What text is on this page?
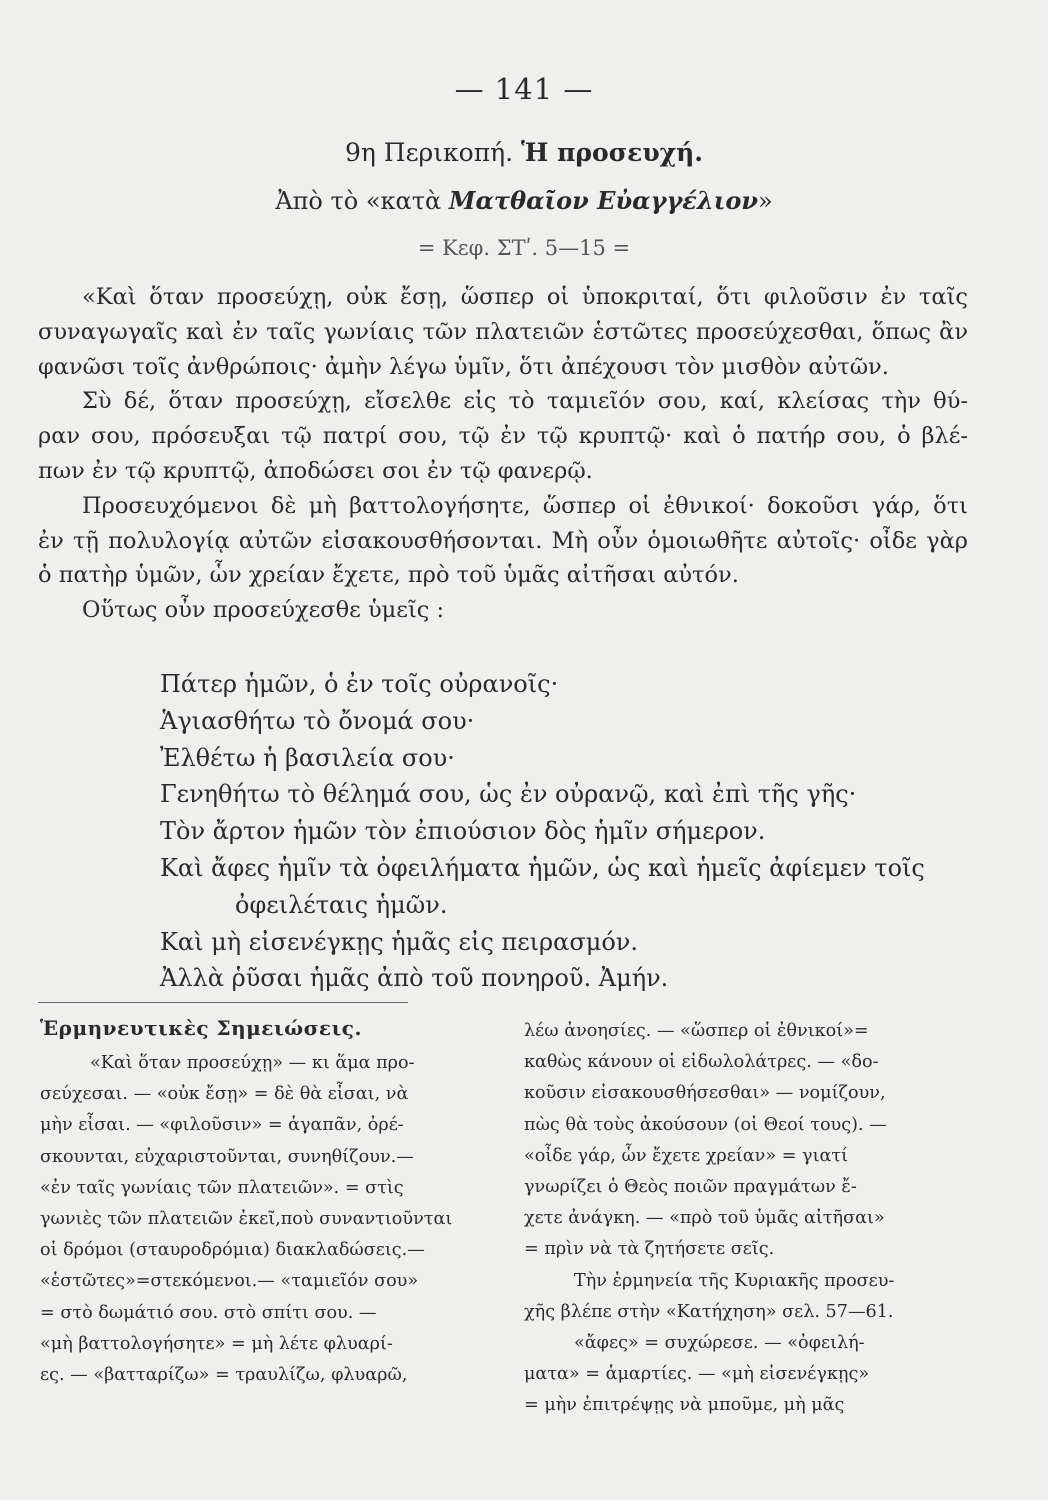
— 141 —
9η Περικοπή. Ἡ προσευχή.
Ἀπὸ τὸ «κατὰ Ματθαῖον Εὐαγγέλιον»
= Κεφ. ΣΤʹ. 5—15 =

«Καὶ ὅταν προσεύχῃ, οὐκ ἔσῃ, ὥσπερ οἱ ὑποκριταί, ὅτι φιλοῦσιν ἐν ταῖς

συναγωγαῖς καὶ ἐν ταῖς γωνίαις τῶν πλατειῶν ἑστῶτες προσεύχεσθαι, ὅπως ἂν

φανῶσι τοῖς ἀνθρώποις· ἀμὴν λέγω ὑμῖν, ὅτι ἀπέχουσι τὸν μισθὸν αὐτῶν.

Σὺ δέ, ὅταν προσεύχῃ, εἴσελθε εἰς τὸ ταμιεῖόν σου, καί, κλείσας τὴν θύ-

ραν σου, πρόσευξαι τῷ πατρί σου, τῷ ἐν τῷ κρυπτῷ· καὶ ὁ πατήρ σου, ὁ βλέ-

πων ἐν τῷ κρυπτῷ, ἀποδώσει σοι ἐν τῷ φανερῷ.

Προσευχόμενοι δὲ μὴ βαττολογήσητε, ὥσπερ οἱ ἐθνικοί· δοκοῦσι γάρ, ὅτι

ἐν τῇ πολυλογίᾳ αὐτῶν εἰσακουσθήσονται. Μὴ οὖν ὁμοιωθῆτε αὐτοῖς· οἶδε γὰρ

ὁ πατὴρ ὑμῶν, ὧν χρείαν ἔχετε, πρὸ τοῦ ὑμᾶς αἰτῆσαι αὐτόν.

Οὕτως οὖν προσεύχεσθε ὑμεῖς :

Πάτερ ἡμῶν, ὁ ἐν τοῖς οὐρανοῖς·
Ἁγιασθήτω τὸ ὄνομά σου·
Ἐλθέτω ἡ βασιλεία σου·
Γενηθήτω τὸ θέλημά σου, ὡς ἐν οὐρανῷ, καὶ ἐπὶ τῆς γῆς·
Τὸν ἄρτον ἡμῶν τὸν ἐπιούσιον δὸς ἡμῖν σήμερον.
Καὶ ἄφες ἡμῖν τὰ ὀφειλήματα ἡμῶν, ὡς καὶ ἡμεῖς ἀφίεμεν τοῖς
ὀφειλέταις ἡμῶν.
Καὶ μὴ εἰσενέγκῃς ἡμᾶς εἰς πειρασμόν.
Ἀλλὰ ῥῦσαι ἡμᾶς ἀπὸ τοῦ πονηροῦ. Ἀμήν.
Ἑρμηνευτικὲς Σημειώσεις.
«Καὶ ὅταν προσεύχῃ» — κι ἅμα προ-
σεύχεσαι. — «οὐκ ἔσῃ» = δὲ θὰ εἶσαι, νὰ
μὴν εἶσαι. — «φιλοῦσιν» = ἀγαπᾶν, ὀρέ-
σκουνται, εὐχαριστοῦνται, συνηθίζουν.—
«ἐν ταῖς γωνίαις τῶν πλατειῶν». = στὶς
γωνιὲς τῶν πλατειῶν ἐκεῖ,ποὺ συναντιοῦνται
οἱ δρόμοι (σταυροδρόμια) διακλαδώσεις.—
«ἑστῶτες»=στεκόμενοι.— «ταμιεῖόν σου»
= στὸ δωμάτιό σου. στὸ σπίτι σου. —
«μὴ βαττολογήσητε» = μὴ λέτε φλυαρί-
ες. — «βατταρίζω» = τραυλίζω, φλυαρῶ,
λέω ἀνοησίες. — «ὥσπερ οἱ ἐθνικοί»=
καθὼς κάνουν οἱ εἰδωλολάτρες. — «δο-
κοῦσιν εἰσακουσθήσεσθαι» — νομίζουν,
πὼς θὰ τοὺς ἀκούσουν (οἱ Θεοί τους). —
«οἶδε γάρ, ὧν ἔχετε χρείαν» = γιατί
γνωρίζει ὁ Θεὸς ποιῶν πραγμάτων ἔ-
χετε ἀνάγκη. — «πρὸ τοῦ ὑμᾶς αἰτῆσαι»
= πρὶν νὰ τὰ ζητήσετε σεῖς.
Τὴν ἑρμηνεία τῆς Κυριακῆς προσευ-
χῆς βλέπε στὴν «Κατήχηση» σελ. 57—61.
«ἄφες» = συχώρεσε. — «ὀφειλή-
ματα» = ἁμαρτίες. — «μὴ εἰσενέγκῃς»
= μὴν ἐπιτρέψῃς νὰ μποῦμε, μὴ μᾶς
